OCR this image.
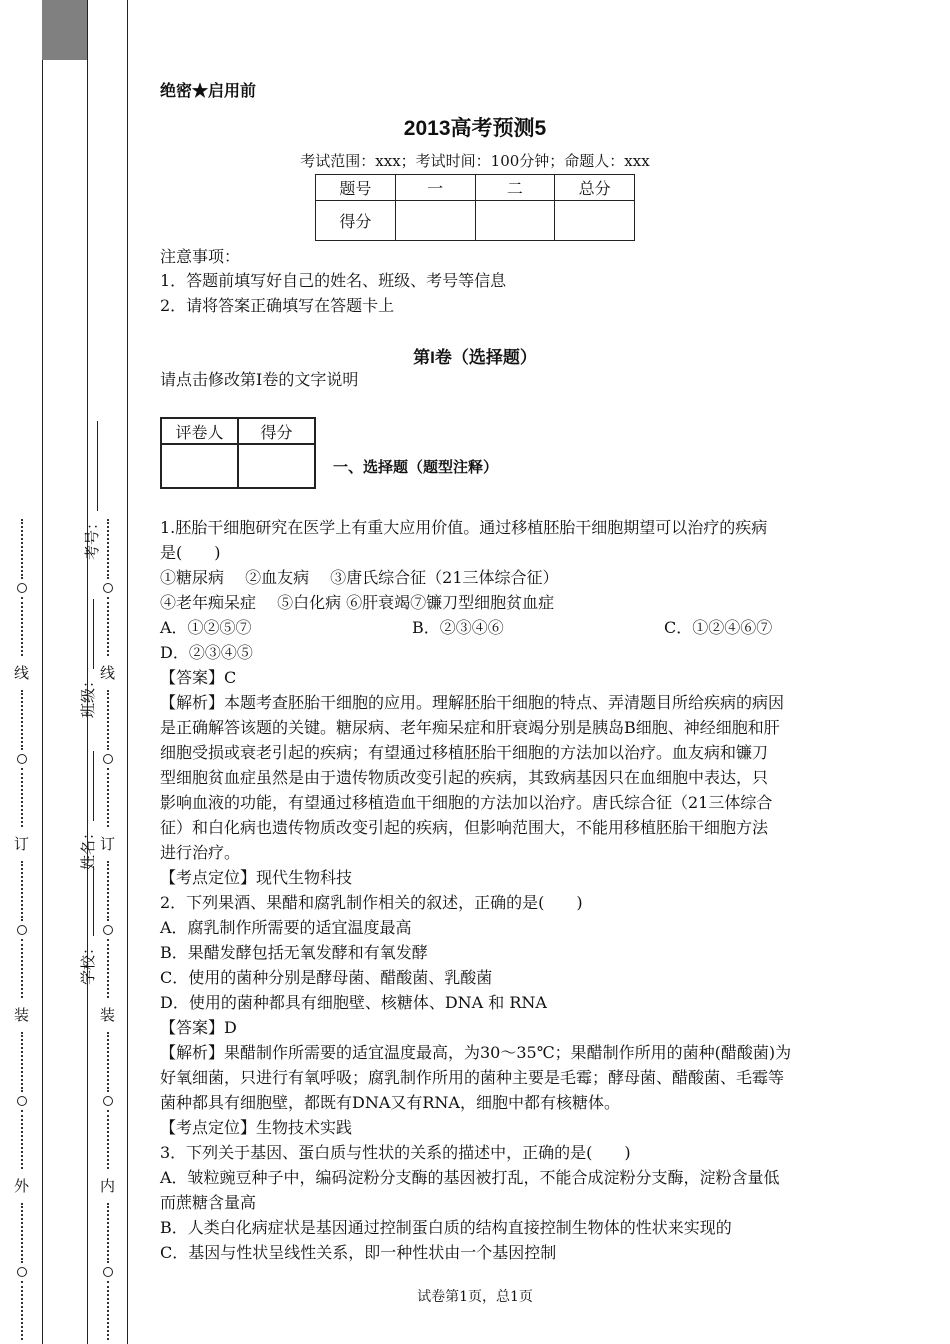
线
订
装
外
线
订
装
内
考号：
班级：
姓名：
学校：
绝密★启用前
2013高考预测5
考试范围：xxx；考试时间：100分钟；命题人：xxx
题号	一	二	总分
得分			
注意事项：
1．答题前填写好自己的姓名、班级、考号等信息
2．请将答案正确填写在答题卡上
第I卷（选择题）
请点击修改第I卷的文字说明
评卷人	得分

一、选择题（题型注释）
1.胚胎干细胞研究在医学上有重大应用价值。通过移植胚胎干细胞期望可以治疗的疾病
是(　　)
①糖尿病　 ②血友病　 ③唐氏综合征（21三体综合征）
④老年痴呆症　 ⑤白化病 ⑥肝衰竭⑦镰刀型细胞贫血症
A．①②⑤⑦	B．②③④⑥	C．①②④⑥⑦
D．②③④⑤
【答案】C
【解析】本题考查胚胎干细胞的应用。理解胚胎干细胞的特点、弄清题目所给疾病的病因
是正确解答该题的关键。糖尿病、老年痴呆症和肝衰竭分别是胰岛B细胞、神经细胞和肝
细胞受损或衰老引起的疾病；有望通过移植胚胎干细胞的方法加以治疗。血友病和镰刀
型细胞贫血症虽然是由于遗传物质改变引起的疾病，其致病基因只在血细胞中表达，只
影响血液的功能，有望通过移植造血干细胞的方法加以治疗。唐氏综合征（21三体综合
征）和白化病也遗传物质改变引起的疾病，但影响范围大，不能用移植胚胎干细胞方法
进行治疗。
【考点定位】现代生物科技
2．下列果酒、果醋和腐乳制作相关的叙述，正确的是(　　)
A．腐乳制作所需要的适宜温度最高
B．果醋发酵包括无氧发酵和有氧发酵
C．使用的菌种分别是酵母菌、醋酸菌、乳酸菌
D．使用的菌种都具有细胞壁、核糖体、DNA 和 RNA
【答案】D
【解析】果醋制作所需要的适宜温度最高，为30～35℃；果醋制作所用的菌种(醋酸菌)为
好氧细菌，只进行有氧呼吸；腐乳制作所用的菌种主要是毛霉；酵母菌、醋酸菌、毛霉等
菌种都具有细胞壁，都既有DNA又有RNA，细胞中都有核糖体。
【考点定位】生物技术实践
3．下列关于基因、蛋白质与性状的关系的描述中，正确的是(　　)
A．皱粒豌豆种子中，编码淀粉分支酶的基因被打乱，不能合成淀粉分支酶，淀粉含量低
而蔗糖含量高
B．人类白化病症状是基因通过控制蛋白质的结构直接控制生物体的性状来实现的
C．基因与性状呈线性关系，即一种性状由一个基因控制
试卷第1页，总1页
